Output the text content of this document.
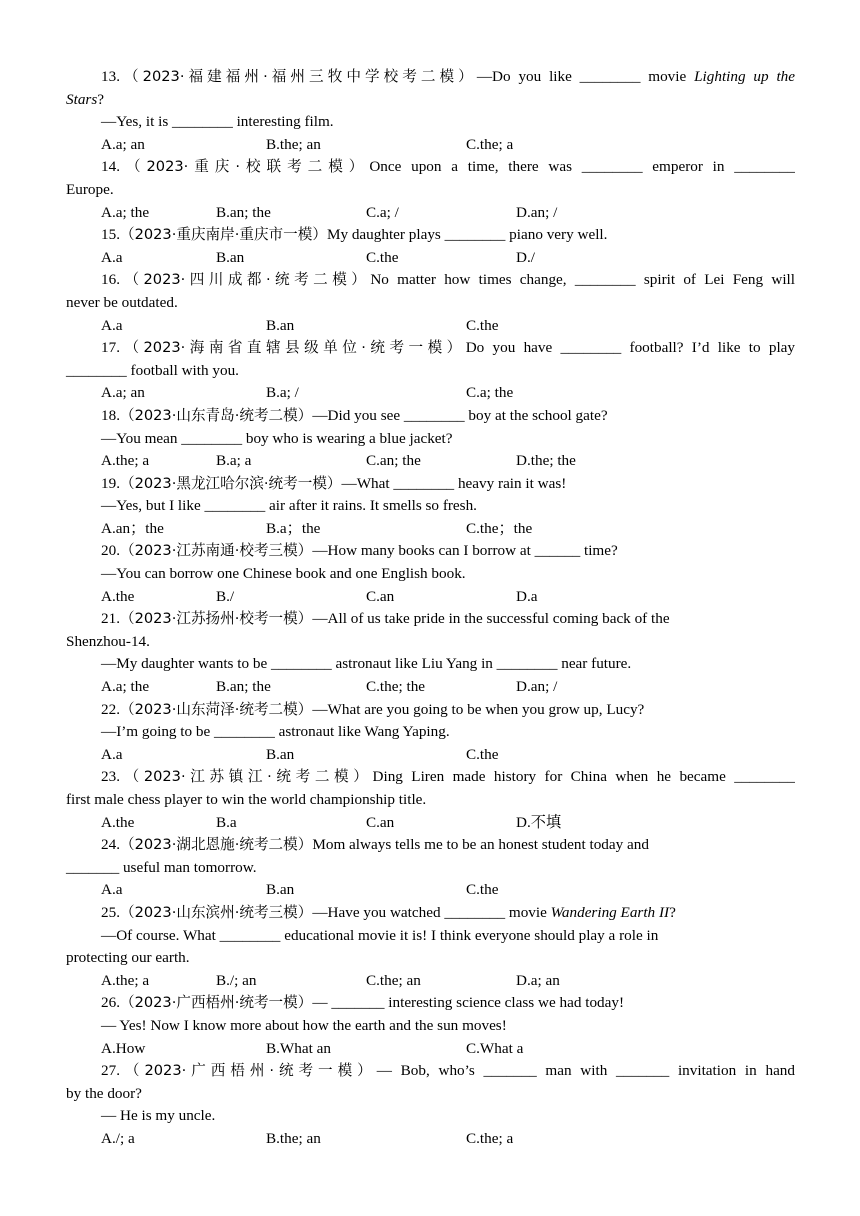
13.（2023·福建福州·福州三牧中学校考二模）—Do you like ________ movie Lighting up the
Stars?
—Yes, it is ________ interesting film.
A.a; an	B.the; an	C.the; a
14.（2023·重庆·校联考二模）Once upon a time, there was ________ emperor in ________
Europe.
A.a; the	B.an; the	C.a; /	D.an; /
15.（2023·重庆南岸·重庆市一模）My daughter plays ________ piano very well.
A.a	B.an	C.the	D./
16.（2023·四川成都·统考二模）No matter how times change, ________ spirit of Lei Feng will
never be outdated.
A.a	B.an	C.the
17.（2023·海南省直辖县级单位·统考一模）Do you have ________ football? I’d like to play
________ football with you.
A.a; an	B.a; /	C.a; the
18.（2023·山东青岛·统考二模）—Did you see ________ boy at the school gate?
—You mean ________ boy who is wearing a blue jacket?
A.the; a	B.a; a	C.an; the	D.the; the
19.（2023·黑龙江哈尔滨·统考一模）—What ________ heavy rain it was!
—Yes, but I like ________ air after it rains. It smells so fresh.
A.an；the	B.a；the	C.the；the
20.（2023·江苏南通·校考三模）—How many books can I borrow at ______ time?
—You can borrow one Chinese book and one English book.
A.the	B./	C.an	D.a
21.（2023·江苏扬州·校考一模）—All of us take pride in the successful coming back of the
Shenzhou-14.
—My daughter wants to be ________ astronaut like Liu Yang in ________ near future.
A.a; the	B.an; the	C.the; the	D.an; /
22.（2023·山东菏泽·统考二模）—What are you going to be when you grow up, Lucy?
—I’m going to be ________ astronaut like Wang Yaping.
A.a	B.an	C.the
23.（2023·江苏镇江·统考二模）Ding Liren made history for China when he became ________
first male chess player to win the world championship title.
A.the	B.a	C.an	D.不填
24.（2023·湖北恩施·统考二模）Mom always tells me to be an honest student today and
_______ useful man tomorrow.
A.a	B.an	C.the
25.（2023·山东滨州·统考三模）—Have you watched ________ movie Wandering Earth II?
—Of course. What ________ educational movie it is! I think everyone should play a role in
protecting our earth.
A.the; a	B./; an	C.the; an	D.a; an
26.（2023·广西梧州·统考一模）— _______ interesting science class we had today!
— Yes! Now I know more about how the earth and the sun moves!
A.How	B.What an	C.What a
27.（2023·广西梧州·统考一模）— Bob, who’s _______ man with _______ invitation in hand
by the door?
— He is my uncle.
A./; a	B.the; an	C.the; a
